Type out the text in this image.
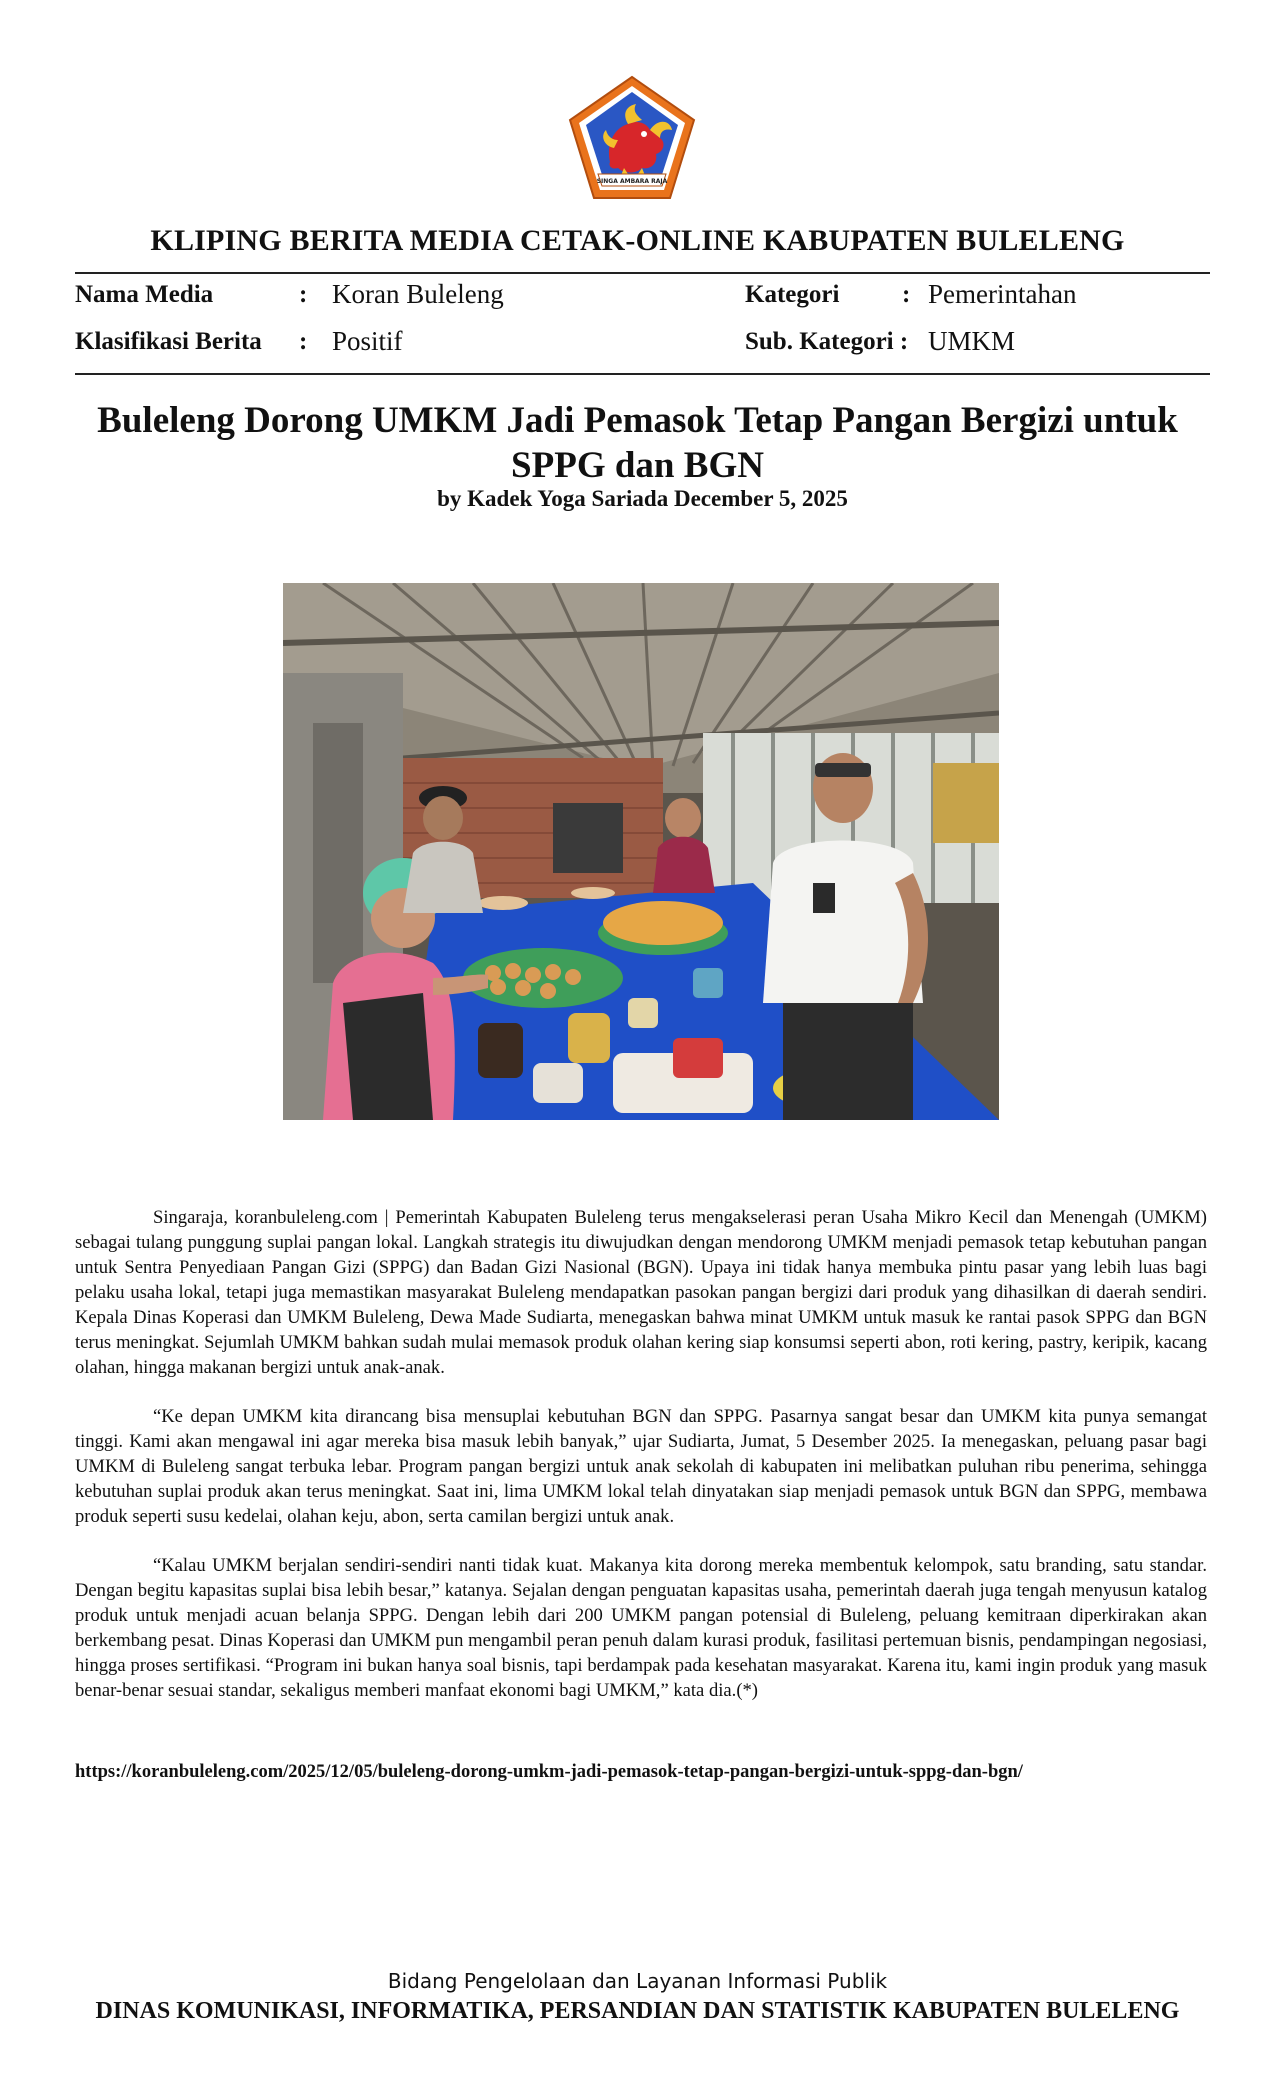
SINGA AMBARA RAJA
KLIPING BERITA MEDIA CETAK-ONLINE KABUPATEN BULELENG
Nama Media	: Koran Buleleng	Kategori	: Pemerintahan
Klasifikasi Berita : Positif	Sub. Kategori : UMKM
Buleleng Dorong UMKM Jadi Pemasok Tetap Pangan Bergizi untuk SPPG dan BGN
by Kadek Yoga Sariada December 5, 2025

Singaraja, koranbuleleng.com | Pemerintah Kabupaten Buleleng terus mengakselerasi peran Usaha Mikro Kecil dan Menengah (UMKM) sebagai tulang punggung suplai pangan lokal. Langkah strategis itu diwujudkan dengan mendorong UMKM menjadi pemasok tetap kebutuhan pangan untuk Sentra Penyediaan Pangan Gizi (SPPG) dan Badan Gizi Nasional (BGN). Upaya ini tidak hanya membuka pintu pasar yang lebih luas bagi pelaku usaha lokal, tetapi juga memastikan masyarakat Buleleng mendapatkan pasokan pangan bergizi dari produk yang dihasilkan di daerah sendiri. Kepala Dinas Koperasi dan UMKM Buleleng, Dewa Made Sudiarta, menegaskan bahwa minat UMKM untuk masuk ke rantai pasok SPPG dan BGN terus meningkat. Sejumlah UMKM bahkan sudah mulai memasok produk olahan kering siap konsumsi seperti abon, roti kering, pastry, keripik, kacang olahan, hingga makanan bergizi untuk anak-anak.

“Ke depan UMKM kita dirancang bisa mensuplai kebutuhan BGN dan SPPG. Pasarnya sangat besar dan UMKM kita punya semangat tinggi. Kami akan mengawal ini agar mereka bisa masuk lebih banyak,” ujar Sudiarta, Jumat, 5 Desember 2025. Ia menegaskan, peluang pasar bagi UMKM di Buleleng sangat terbuka lebar. Program pangan bergizi untuk anak sekolah di kabupaten ini melibatkan puluhan ribu penerima, sehingga kebutuhan suplai produk akan terus meningkat. Saat ini, lima UMKM lokal telah dinyatakan siap menjadi pemasok untuk BGN dan SPPG, membawa produk seperti susu kedelai, olahan keju, abon, serta camilan bergizi untuk anak.

“Kalau UMKM berjalan sendiri-sendiri nanti tidak kuat. Makanya kita dorong mereka membentuk kelompok, satu branding, satu standar. Dengan begitu kapasitas suplai bisa lebih besar,” katanya. Sejalan dengan penguatan kapasitas usaha, pemerintah daerah juga tengah menyusun katalog produk untuk menjadi acuan belanja SPPG. Dengan lebih dari 200 UMKM pangan potensial di Buleleng, peluang kemitraan diperkirakan akan berkembang pesat. Dinas Koperasi dan UMKM pun mengambil peran penuh dalam kurasi produk, fasilitasi pertemuan bisnis, pendampingan negosiasi, hingga proses sertifikasi. “Program ini bukan hanya soal bisnis, tapi berdampak pada kesehatan masyarakat. Karena itu, kami ingin produk yang masuk benar-benar sesuai standar, sekaligus memberi manfaat ekonomi bagi UMKM,” kata dia.(*)

https://koranbuleleng.com/2025/12/05/buleleng-dorong-umkm-jadi-pemasok-tetap-pangan-bergizi-untuk-sppg-dan-bgn/
Bidang Pengelolaan dan Layanan Informasi Publik
DINAS KOMUNIKASI, INFORMATIKA, PERSANDIAN DAN STATISTIK KABUPATEN BULELENG
